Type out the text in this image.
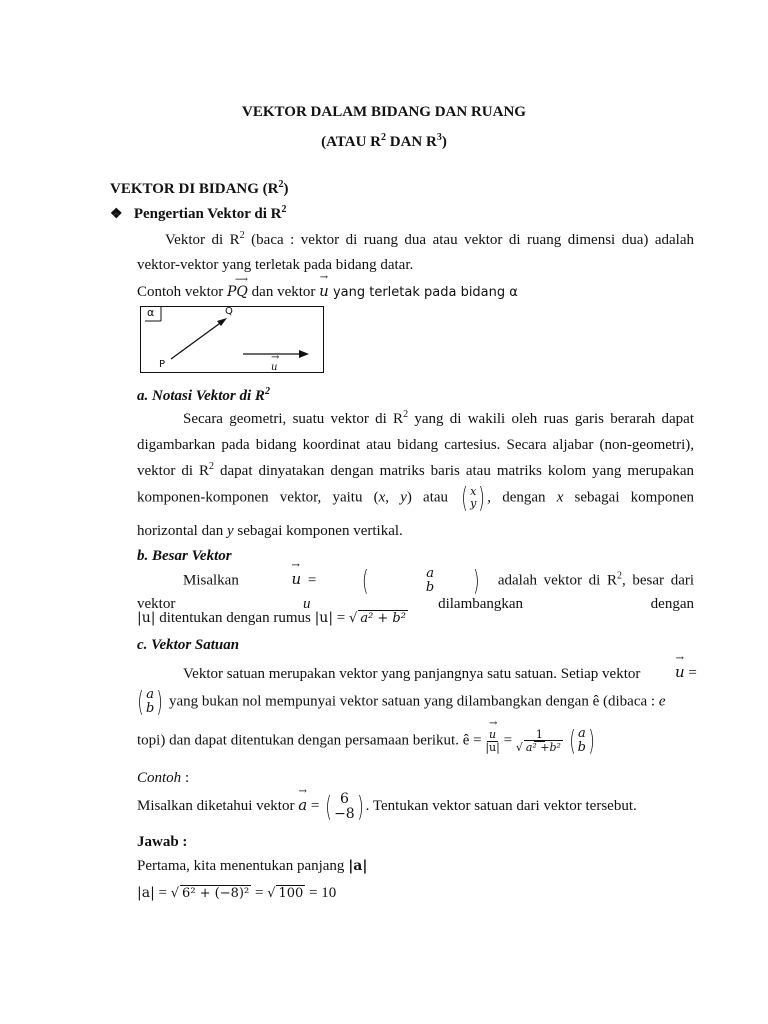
VEKTOR DALAM BIDANG DAN RUANG
(ATAU $R^2$ DAN $R^3$)
VEKTOR DI BIDANG $(R^2)$
❖ Pengertian Vektor di $R^2$
Vektor di $R^2$ (baca : vektor di ruang dua atau vektor di ruang dimensi dua) adalah
vektor-vektor yang terletak pada bidang datar.
Contoh vektor
⟶
PQ dan vektor → u yang terletak pada bidang α
α	Q
P	→ u
a. Notasi Vektor di $R^2$
Secara geometri, suatu vektor di $R^2$ yang di wakili oleh ruas garis berarah dapat
digambarkan pada bidang koordinat atau bidang cartesius. Secara aljabar (non-geometri),
vektor di $R^2$ dapat dinyatakan dengan matriks baris atau matriks kolom yang merupakan
komponen-komponen vektor, yaitu (x, y) atau ( x
y ) , dengan x sebagai komponen
horizontal dan y sebagai komponen vertikal.
b. Besar Vektor
Misalkan	→ u =	(	a
b	) adalah vektor di $R^2$, besar dari vektor u dilambangkan dengan
|u| ditentukan dengan rumus |u| = √ a² + b²
c. Vektor Satuan
Vektor satuan merupakan vektor yang panjangnya satu satuan. Setiap vektor → u =
( a
b ) yang bukan nol mempunyai vektor satuan yang dilambangkan dengan ê (dibaca : e
topi) dan dapat ditentukan dengan persamaan berikut. ê = → $\frac{u}{|u|} = \frac{1}{\text{√ a² +b²}}$
( a
b )
Contoh :
Misalkan diketahui vektor → a = ( 6
−8 ) . Tentukan vektor satuan dari vektor tersebut.
Jawab :
Pertama, kita menentukan panjang |a|
|a| = √ 6² + (−8)² = √ 100 = 10
